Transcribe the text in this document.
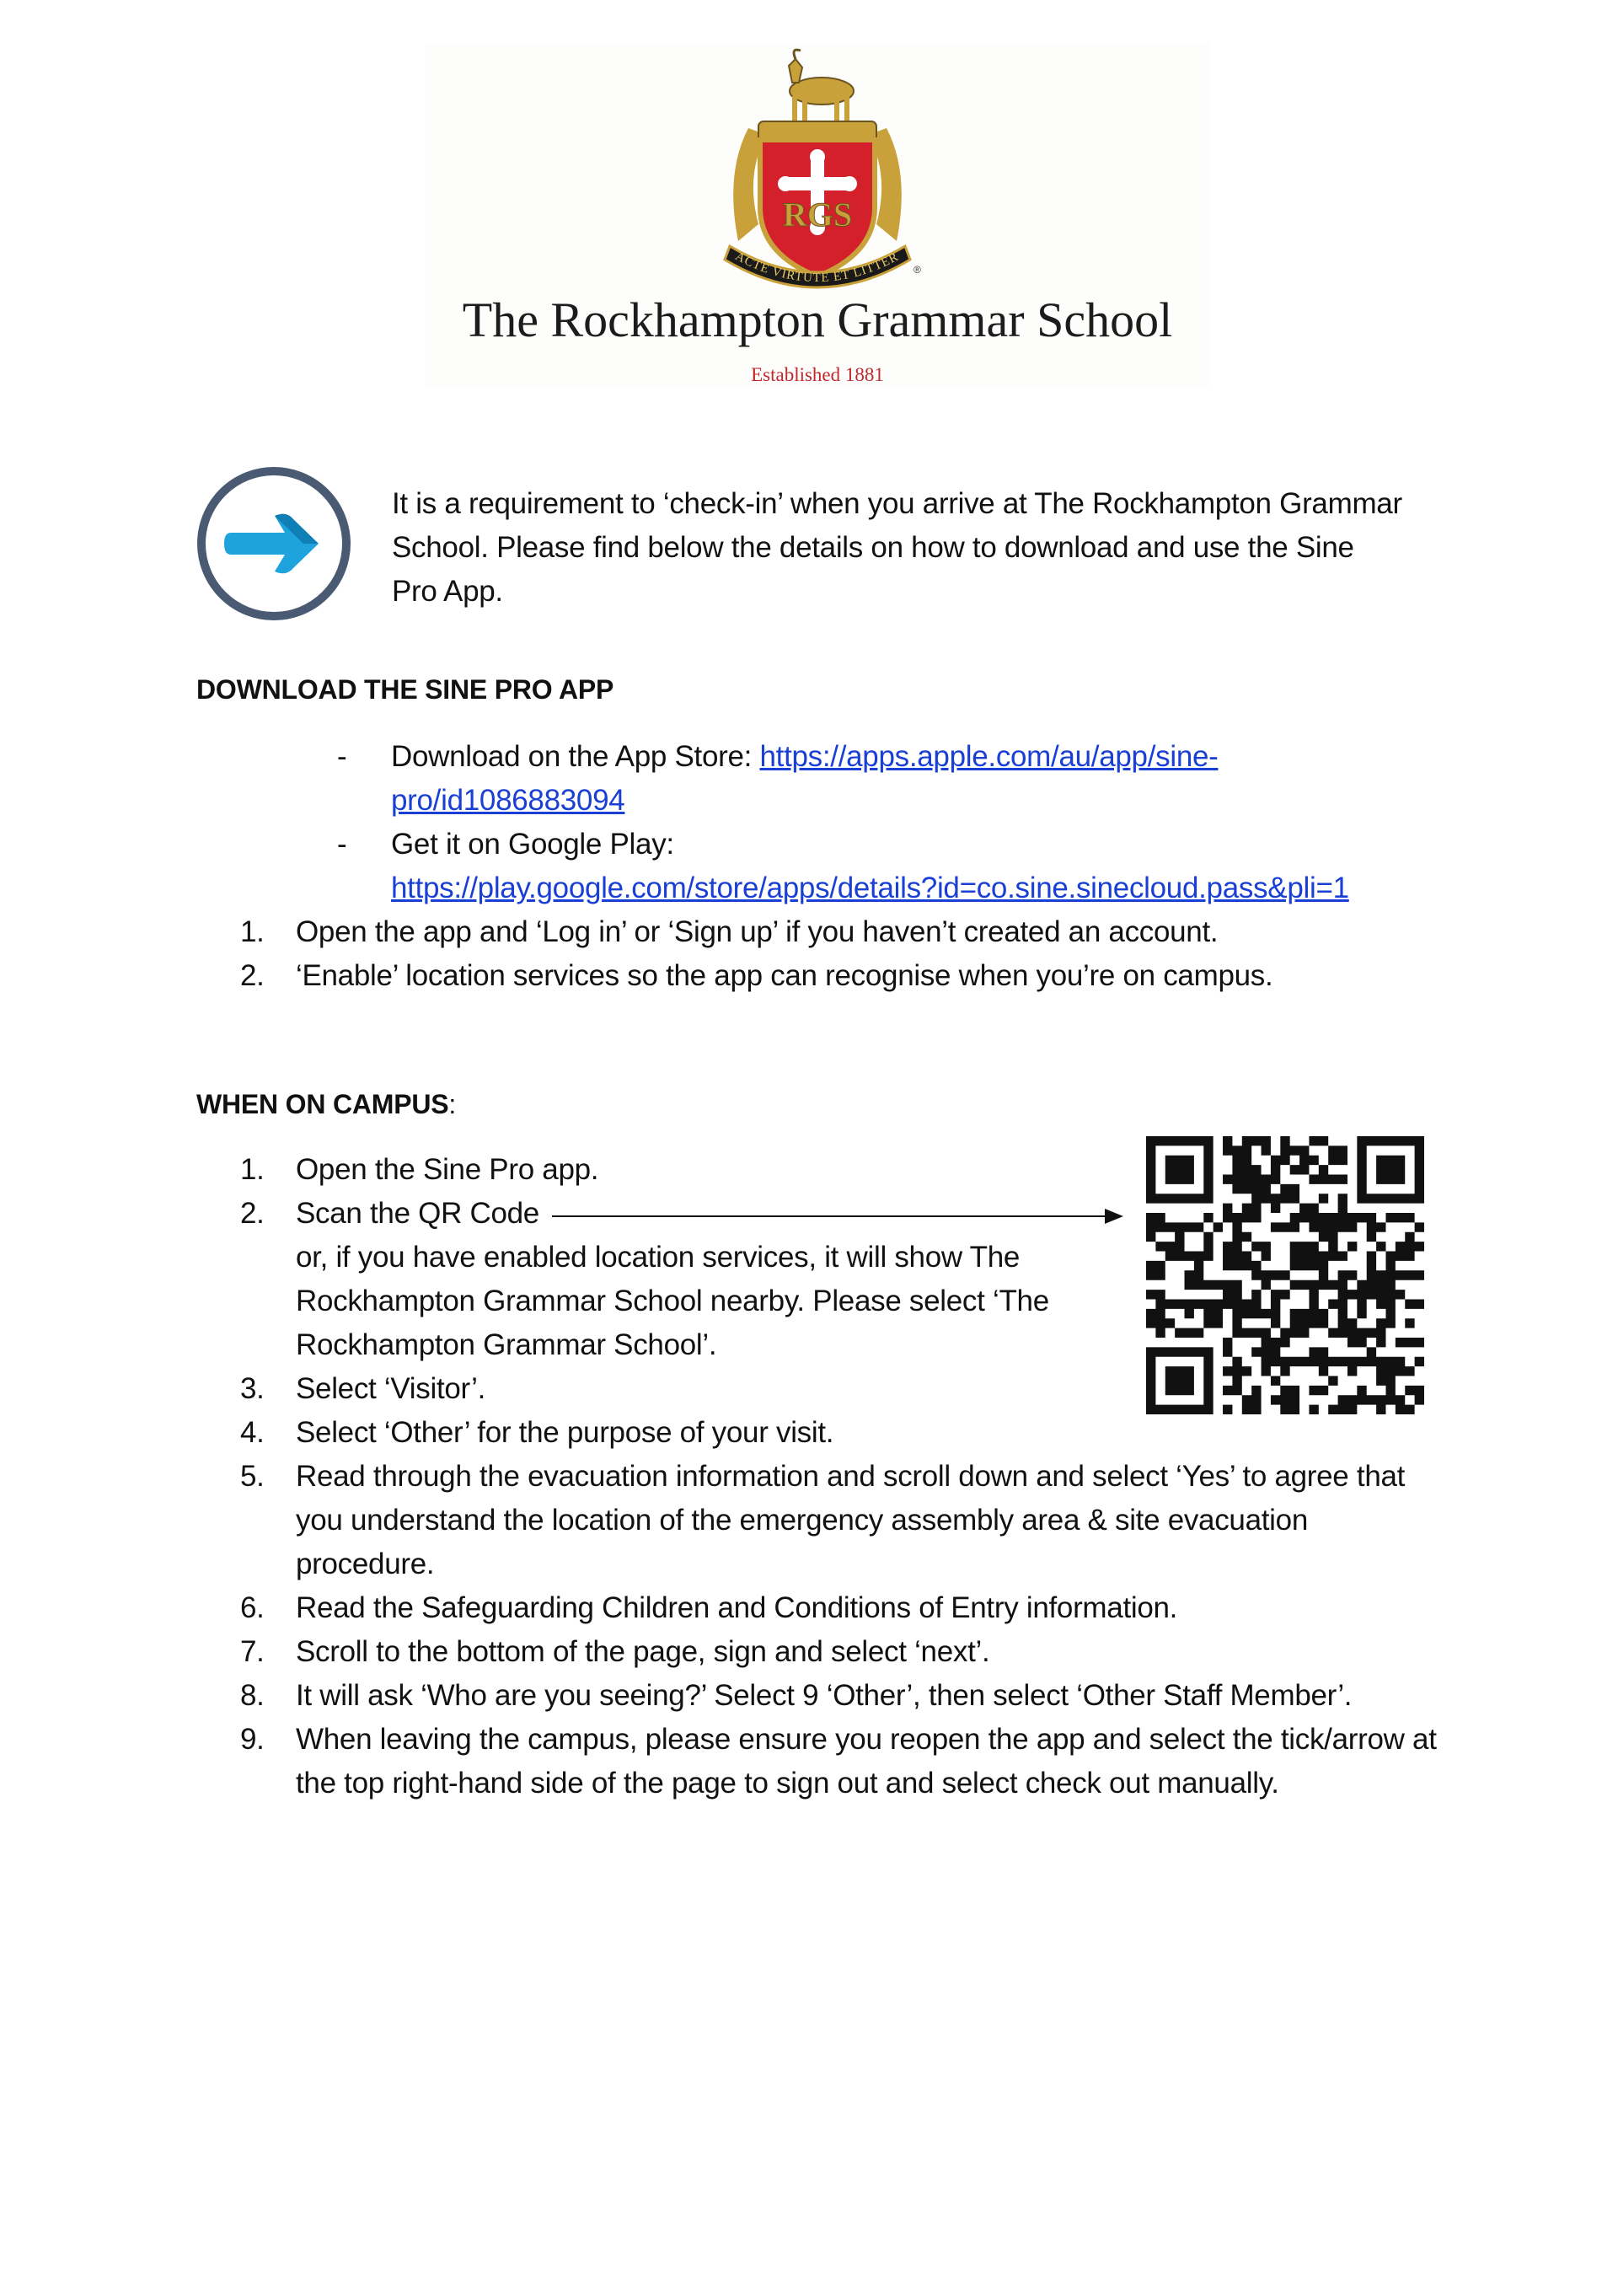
RGS
ACTE VIRTUTE ET LITTER
®
The Rockhampton Grammar School
Established 1881
It is a requirement to ‘check-in’ when you arrive at The Rockhampton Grammar School. Please find below the details on how to download and use the Sine Pro App.
DOWNLOAD THE SINE PRO APP
- Download on the App Store: https://apps.apple.com/au/app/sine-
pro/id1086883094
- Get it on Google Play:
https://play.google.com/store/apps/details?id=co.sine.sinecloud.pass&pli=1
1. Open the app and ‘Log in’ or ‘Sign up’ if you haven’t created an account.
2. ‘Enable’ location services so the app can recognise when you’re on campus.
WHEN ON CAMPUS:
1. Open the Sine Pro app.
2. Scan the QR Code
or, if you have enabled location services, it will show The Rockhampton Grammar School nearby. Please select ‘The Rockhampton Grammar School’.
3. Select ‘Visitor’.
4. Select ‘Other’ for the purpose of your visit.
5. Read through the evacuation information and scroll down and select ‘Yes’ to agree that you understand the location of the emergency assembly area & site evacuation procedure.
6. Read the Safeguarding Children and Conditions of Entry information.
7. Scroll to the bottom of the page, sign and select ‘next’.
8. It will ask ‘Who are you seeing?’ Select 9 ‘Other’, then select ‘Other Staff Member’.
9. When leaving the campus, please ensure you reopen the app and select the tick/arrow at the top right-hand side of the page to sign out and select check out manually.
